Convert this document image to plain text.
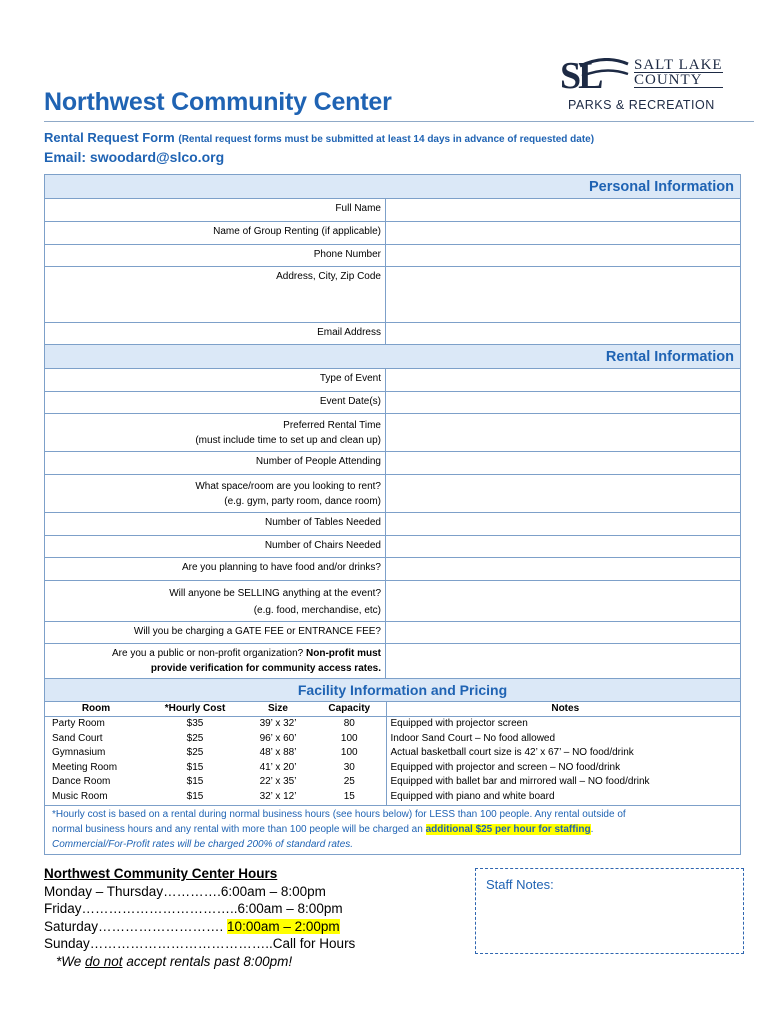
SL SALT LAKE
COUNTY
PARKS & RECREATION
Northwest Community Center
Rental Request Form (Rental request forms must be submitted at least 14 days in advance of requested date)
Email: swoodard@slco.org
Personal Information
Full Name
Name of Group Renting (if applicable)
Phone Number
Address, City, Zip Code
Email Address
Rental Information
Type of Event
Event Date(s)
Preferred Rental Time
(must include time to set up and clean up)
Number of People Attending
What space/room are you looking to rent?
(e.g. gym, party room, dance room)
Number of Tables Needed
Number of Chairs Needed
Are you planning to have food and/or drinks?
Will anyone be SELLING anything at the event?
(e.g. food, merchandise, etc)
Will you be charging a GATE FEE or ENTRANCE FEE?
Are you a public or non-profit organization? Non-profit must
provide verification for community access rates.
Facility Information and Pricing
Room	*Hourly Cost	Size	Capacity	Notes
Party Room	$35	39’ x 32’	80	Equipped with projector screen
Sand Court	$25	96’ x 60’	100	Indoor Sand Court – No food allowed
Gymnasium	$25	48’ x 88’	100	Actual basketball court size is 42’ x 67’ – NO food/drink
Meeting Room	$15	41’ x 20’	30	Equipped with projector and screen – NO food/drink
Dance Room	$15	22’ x 35’	25	Equipped with ballet bar and mirrored wall – NO food/drink
Music Room	$15	32’ x 12’	15	Equipped with piano and white board
*Hourly cost is based on a rental during normal business hours (see hours below) for LESS than 100 people. Any rental outside of
normal business hours and any rental with more than 100 people will be charged an additional $25 per hour for staffing.
Commercial/For-Profit rates will be charged 200% of standard rates.
Northwest Community Center Hours
Monday – Thursday………….6:00am – 8:00pm
Friday……………………………..6:00am – 8:00pm
Saturday………………………. 10:00am – 2:00pm
Sunday…………………………………..Call for Hours
*We do not accept rentals past 8:00pm!
Staff Notes:
